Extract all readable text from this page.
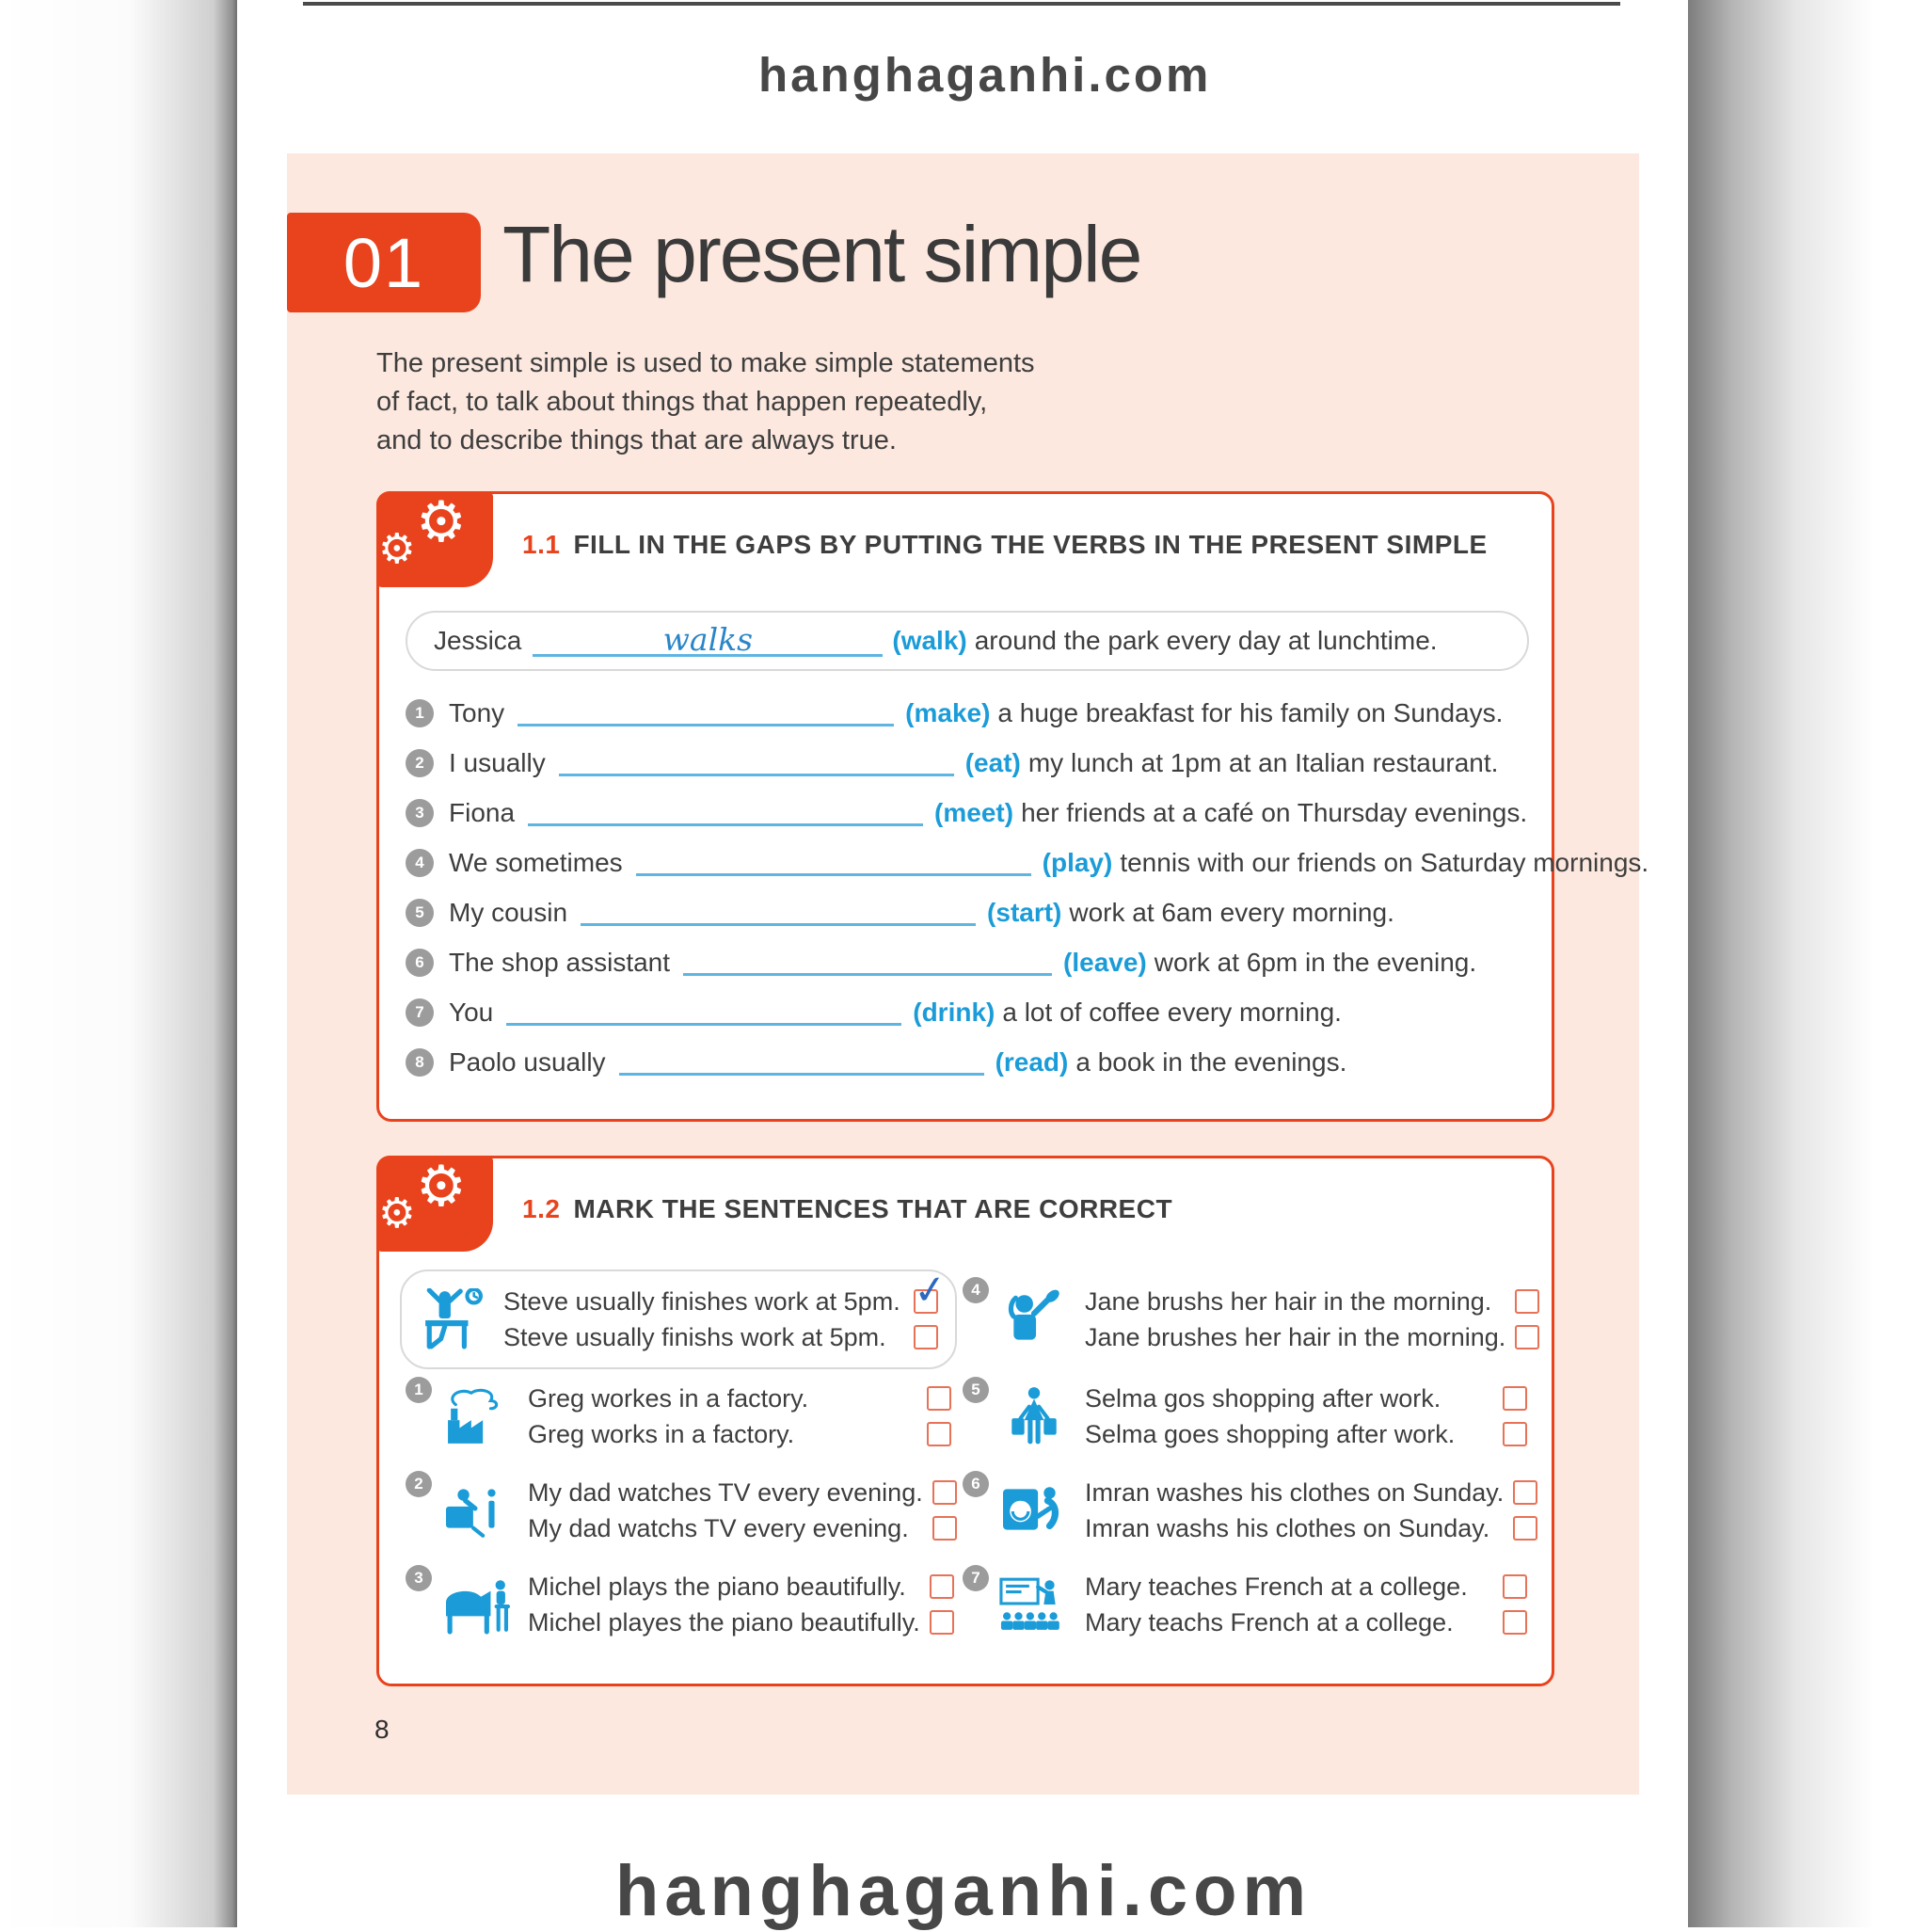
hanghaganhi.com
01 The present simple
The present simple is used to make simple statements
of fact, to talk about things that happen repeatedly,
and to describe things that are always true.
⚙
⚙	1.1 FILL IN THE GAPS BY PUTTING THE VERBS IN THE PRESENT SIMPLE
Jessica	walks	(walk) around the park every day at lunchtime.
1 Tony	(make) a huge breakfast for his family on Sundays.
2 I usually	(eat) my lunch at 1pm at an Italian restaurant.
3 Fiona	(meet) her friends at a café on Thursday evenings.
4 We sometimes	(play) tennis with our friends on Saturday mornings.
5 My cousin	(start) work at 6am every morning.
6 The shop assistant	(leave) work at 6pm in the evening.
7 You	(drink) a lot of coffee every morning.
8 Paolo usually	(read) a book in the evenings.
⚙
⚙	1.2 MARK THE SENTENCES THAT ARE CORRECT
Steve usually finishes work at 5pm. ✓
Steve usually finishs work at 5pm.
4	Jane brushs her hair in the morning.
Jane brushes her hair in the morning.
1	Greg workes in a factory.
Greg works in a factory.
5	Selma gos shopping after work.
Selma goes shopping after work.
2	My dad watches TV every evening.
My dad watchs TV every evening.
6	Imran washes his clothes on Sunday.
Imran washs his clothes on Sunday.
3	Michel plays the piano beautifully.
Michel playes the piano beautifully.
7	Mary teaches French at a college.
Mary teachs French at a college.
8
hanghaganhi.com
